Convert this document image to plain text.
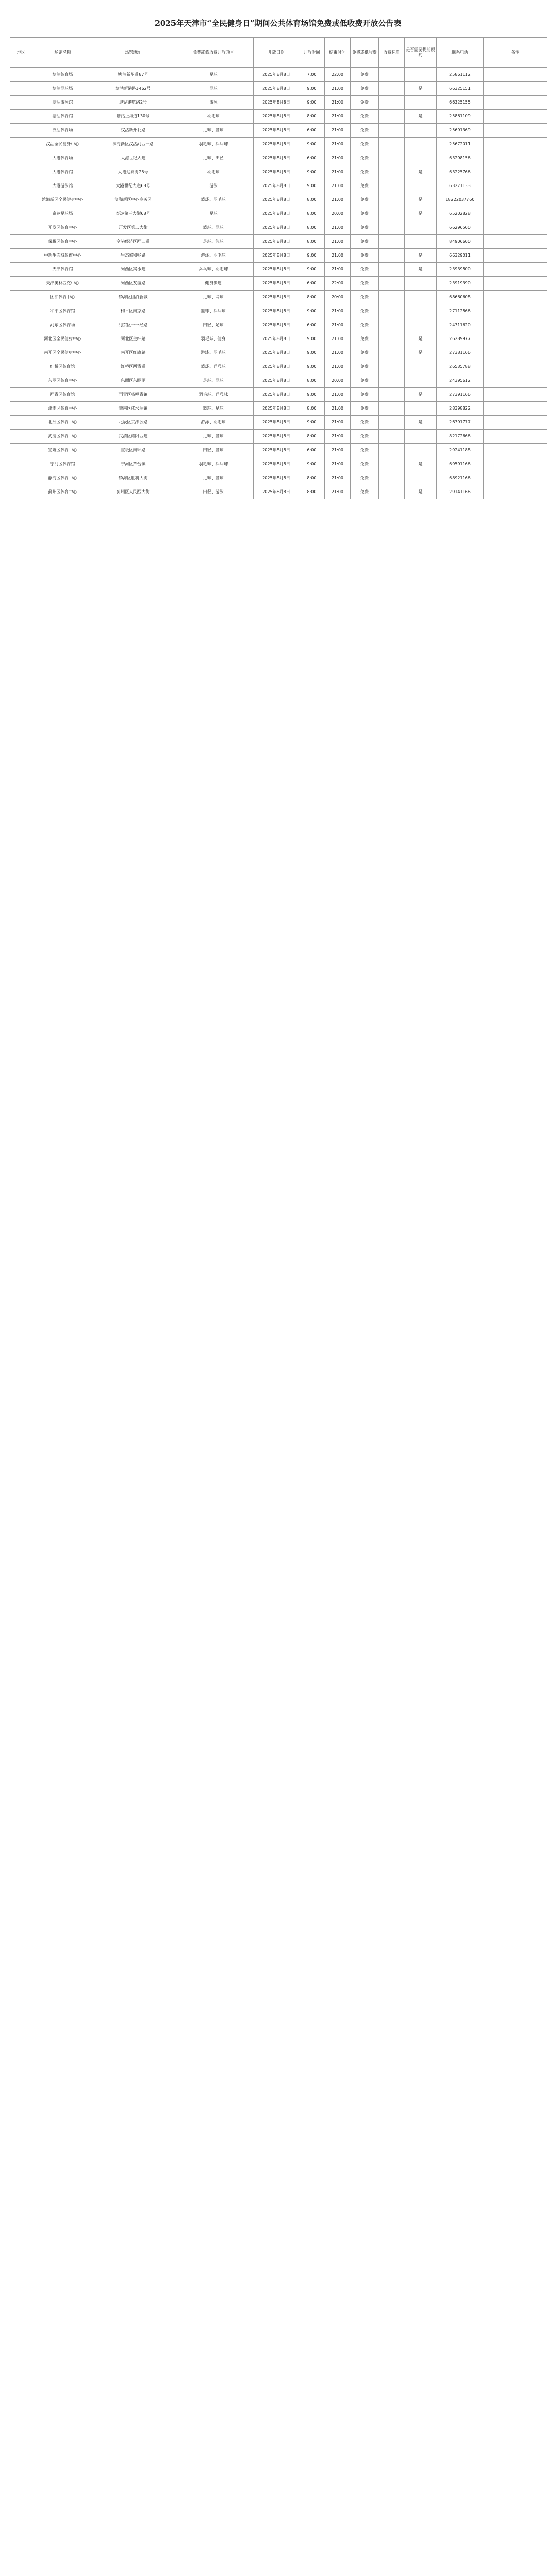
2025年天津市“全民健身日”期间公共体育场馆免费或低收费开放公告表
地区	场馆名称	场馆地址	免费或低收费开放项目	开放日期	开放时间	结束时间	免费或低收费	收费标准	是否需要提前预约	联系电话	备注
	塘沽体育场	塘沽新华道87号	足球	2025年8月8日	7:00	22:00	免费			25861112	
	塘沽网球场	塘沽新港路1462号	网球	2025年8月8日	9:00	21:00	免费		是	66325151	
	塘沽游泳馆	塘沽港航路2号	游泳	2025年8月8日	9:00	21:00	免费			66325155	
	塘沽体育馆	塘沽上海道130号	羽毛球	2025年8月8日	8:00	21:00	免费		是	25861109	
	汉沽体育场	汉沽新开北路	足球、篮球	2025年8月8日	6:00	21:00	免费			25691369	
	汉沽全民健身中心	滨海新区汉沽河西一路	羽毛球、乒乓球	2025年8月8日	9:00	21:00	免费			25672011	
	大港体育场	大港世纪大道	足球、田径	2025年8月8日	6:00	21:00	免费			63298156	
	大港体育馆	大港迎宾街25号	羽毛球	2025年8月8日	9:00	21:00	免费		是	63225766	
	大港游泳馆	大港世纪大道68号	游泳	2025年8月8日	9:00	21:00	免费			63271133	
	滨海新区全民健身中心	滨海新区中心商务区	篮球、羽毛球	2025年8月8日	8:00	21:00	免费		是	18222037760	
	泰达足球场	泰达第三大街68号	足球	2025年8月8日	8:00	20:00	免费		是	65202828	
	开发区体育中心	开发区第二大街	篮球、网球	2025年8月8日	8:00	21:00	免费			66296500	
	保税区体育中心	空港经济区西二道	足球、篮球	2025年8月8日	8:00	21:00	免费			84906600	
	中新生态城体育中心	生态城和畅路	游泳、羽毛球	2025年8月8日	9:00	21:00	免费		是	66329011	
	天津体育馆	河西区宾水道	乒乓球、羽毛球	2025年8月8日	9:00	21:00	免费		是	23939800	
	天津奥林匹克中心	河西区友谊路	健身步道	2025年8月8日	6:00	22:00	免费			23919390	
	团泊体育中心	静海区团泊新城	足球、网球	2025年8月8日	8:00	20:00	免费			68660608	
	和平区体育馆	和平区南京路	篮球、乒乓球	2025年8月8日	9:00	21:00	免费			27112866	
	河东区体育场	河东区十一经路	田径、足球	2025年8月8日	6:00	21:00	免费			24311620	
	河北区全民健身中心	河北区金纬路	羽毛球、健身	2025年8月8日	9:00	21:00	免费		是	26289977	
	南开区全民健身中心	南开区红旗路	游泳、羽毛球	2025年8月8日	9:00	21:00	免费		是	27381166	
	红桥区体育馆	红桥区西青道	篮球、乒乓球	2025年8月8日	9:00	21:00	免费			26535788	
	东丽区体育中心	东丽区东丽湖	足球、网球	2025年8月8日	8:00	20:00	免费			24395612	
	西青区体育馆	西青区杨柳青镇	羽毛球、乒乓球	2025年8月8日	9:00	21:00	免费		是	27391166	
	津南区体育中心	津南区咸水沽镇	篮球、足球	2025年8月8日	8:00	21:00	免费			28398822	
	北辰区体育中心	北辰区京津公路	游泳、羽毛球	2025年8月8日	9:00	21:00	免费		是	26391777	
	武清区体育中心	武清区雍阳西道	足球、篮球	2025年8月8日	8:00	21:00	免费			82172666	
	宝坻区体育中心	宝坻区南环路	田径、篮球	2025年8月8日	6:00	21:00	免费			29241188	
	宁河区体育馆	宁河区芦台镇	羽毛球、乒乓球	2025年8月8日	9:00	21:00	免费		是	69591166	
	静海区体育中心	静海区胜利大街	足球、篮球	2025年8月8日	8:00	21:00	免费			68921166	
	蓟州区体育中心	蓟州区人民西大街	田径、游泳	2025年8月8日	8:00	21:00	免费		是	29141166	
